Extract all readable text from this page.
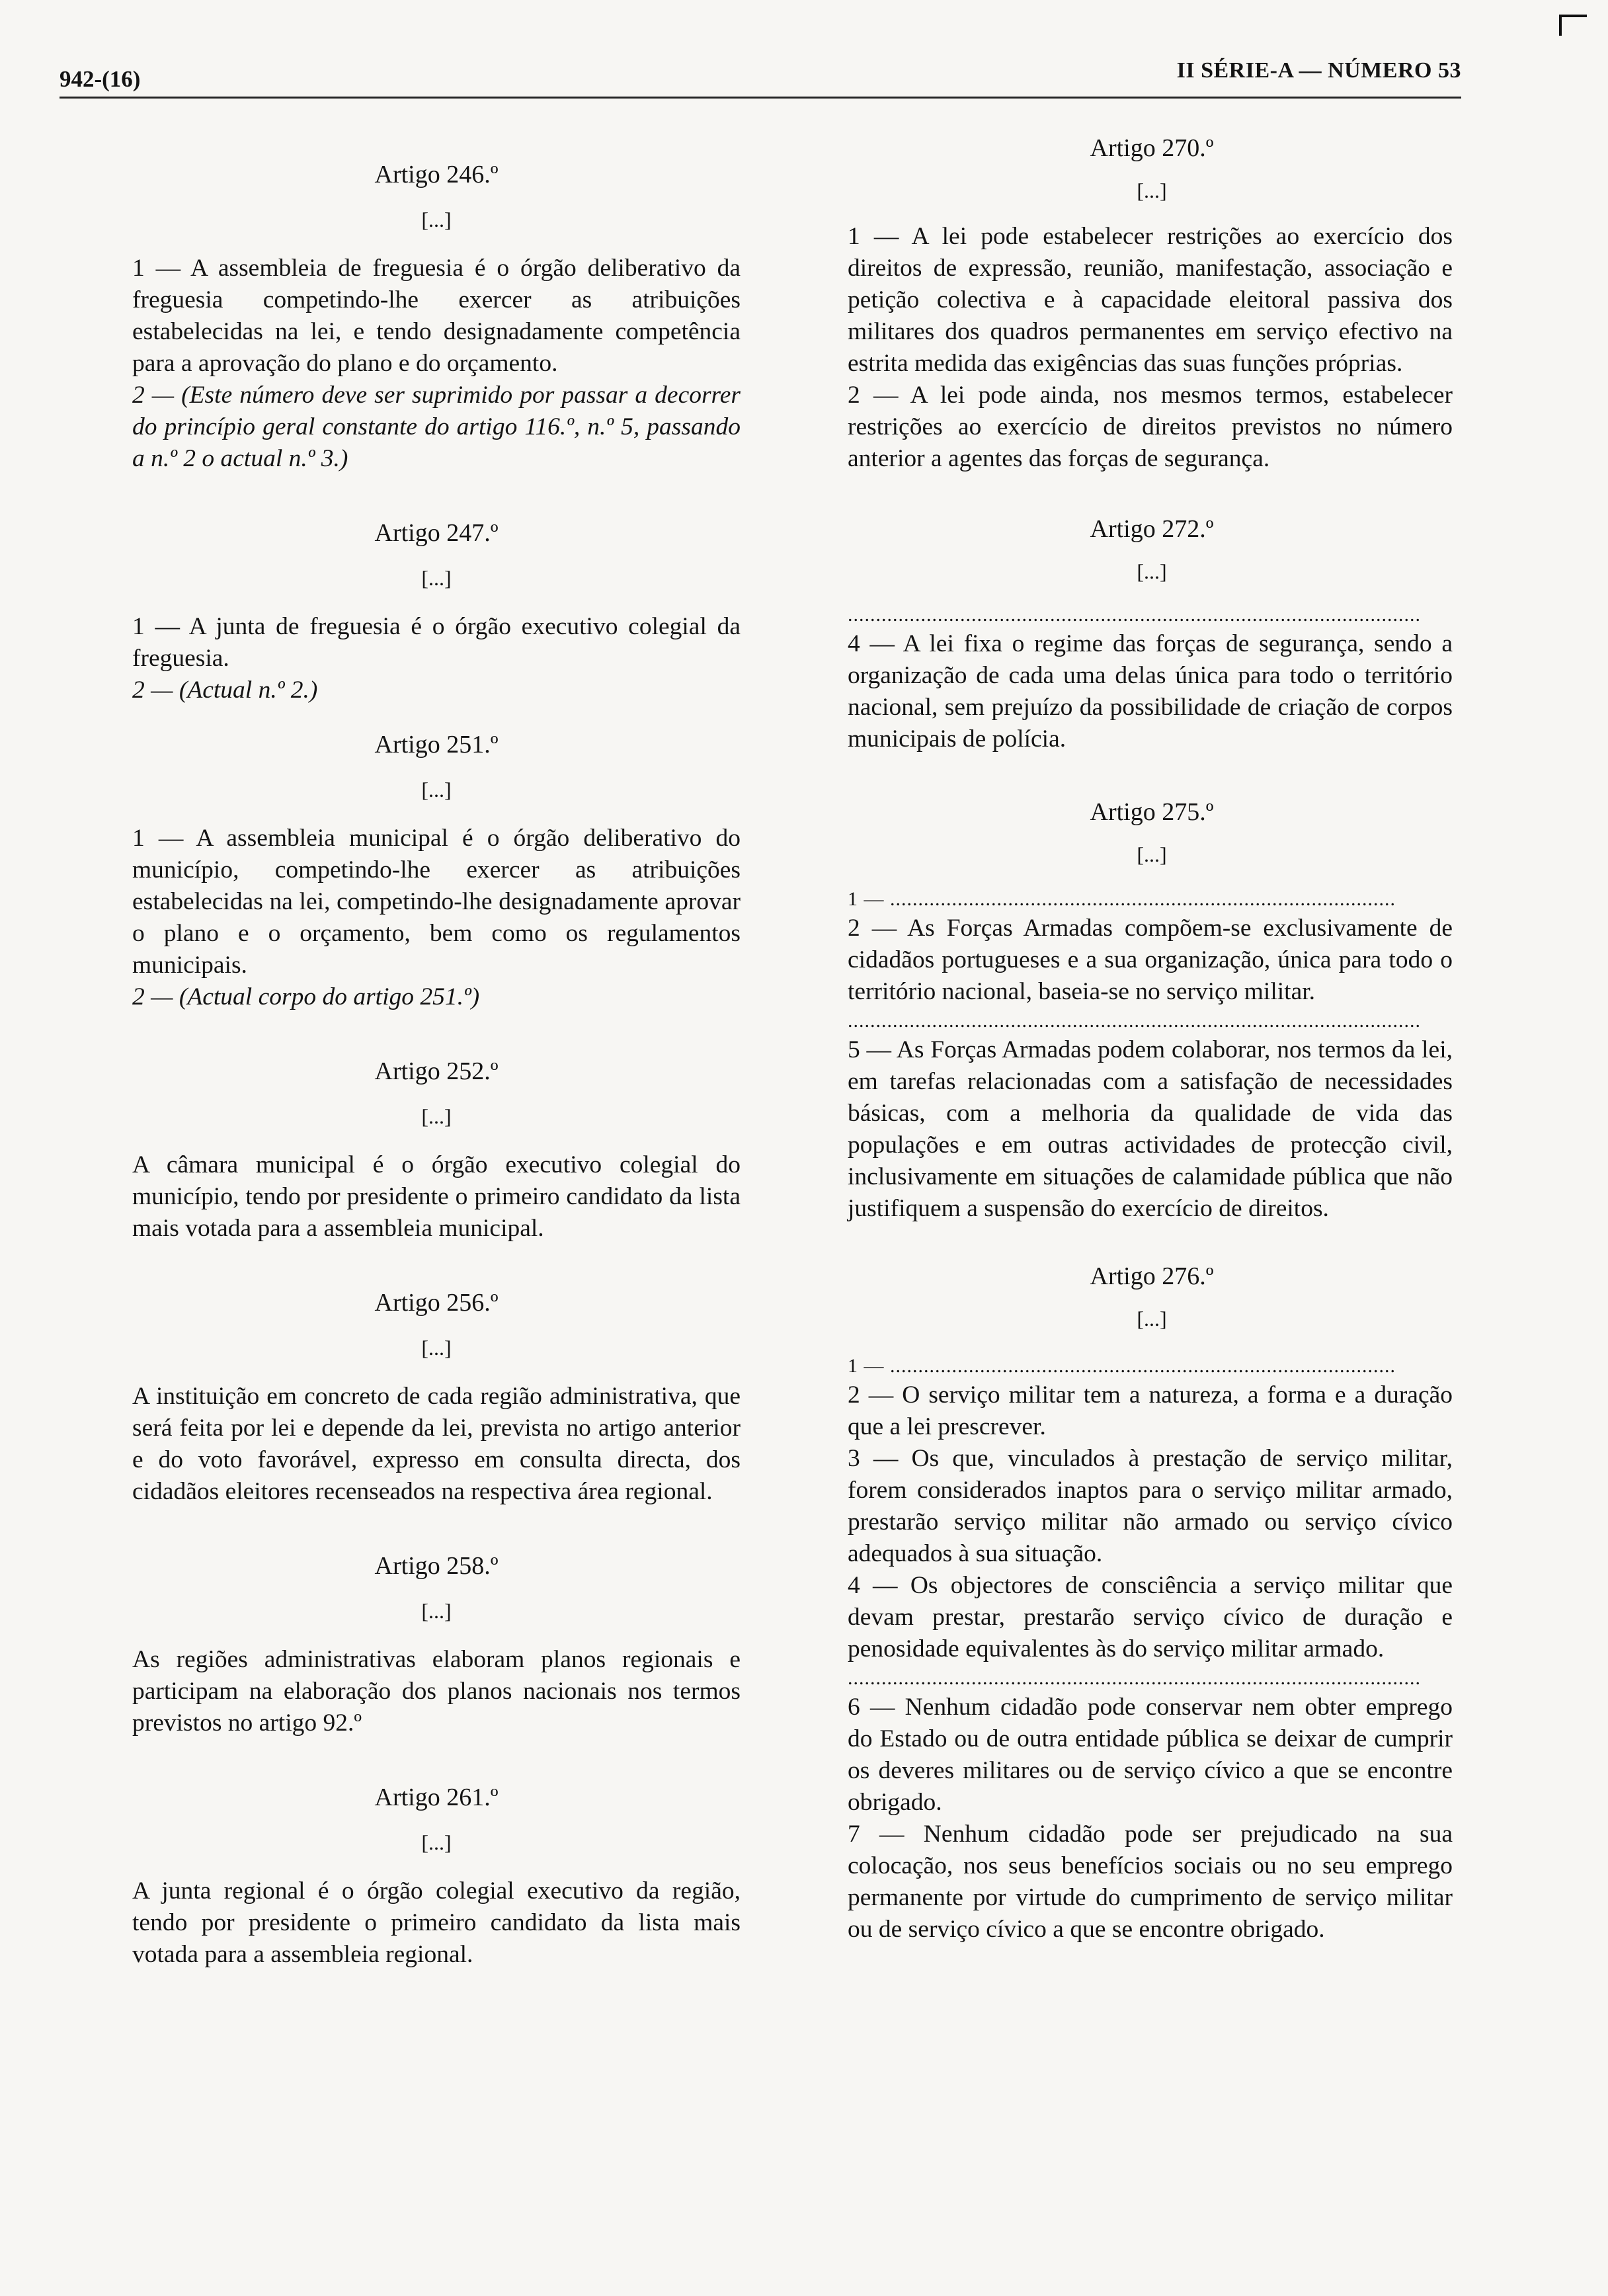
942-(16)	II SÉRIE-A — NÚMERO 53
Artigo 246.º
[...]
1 — A assembleia de freguesia é o órgão deliberativo da freguesia competindo-lhe exercer as atribuições estabelecidas na lei, e tendo designadamente competência para a aprovação do plano e do orçamento.
2 — (Este número deve ser suprimido por passar a decorrer do princípio geral constante do artigo 116.º, n.º 5, passando a n.º 2 o actual n.º 3.)
Artigo 247.º
[...]
1 — A junta de freguesia é o órgão executivo colegial da freguesia.
2 — (Actual n.º 2.)
Artigo 251.º
[...]
1 — A assembleia municipal é o órgão deliberativo do município, competindo-lhe exercer as atribuições estabelecidas na lei, competindo-lhe designadamente aprovar o plano e o orçamento, bem como os regulamentos municipais.
2 — (Actual corpo do artigo 251.º)
Artigo 252.º
[...]
A câmara municipal é o órgão executivo colegial do município, tendo por presidente o primeiro candidato da lista mais votada para a assembleia municipal.
Artigo 256.º
[...]
A instituição em concreto de cada região administrativa, que será feita por lei e depende da lei, prevista no artigo anterior e do voto favorável, expresso em consulta directa, dos cidadãos eleitores recenseados na respectiva área regional.
Artigo 258.º
[...]
As regiões administrativas elaboram planos regionais e participam na elaboração dos planos nacionais nos termos previstos no artigo 92.º
Artigo 261.º
[...]
A junta regional é o órgão colegial executivo da região, tendo por presidente o primeiro candidato da lista mais votada para a assembleia regional.
Artigo 270.º
[...]
1 — A lei pode estabelecer restrições ao exercício dos direitos de expressão, reunião, manifestação, associação e petição colectiva e à capacidade eleitoral passiva dos militares dos quadros permanentes em serviço efectivo na estrita medida das exigências das suas funções próprias.
2 — A lei pode ainda, nos mesmos termos, estabelecer restrições ao exercício de direitos previstos no número anterior a agentes das forças de segurança.
Artigo 272.º
[...]
......................................................................................................
4 — A lei fixa o regime das forças de segurança, sendo a organização de cada uma delas única para todo o território nacional, sem prejuízo da possibilidade de criação de corpos municipais de polícia.
Artigo 275.º
[...]
1 — ..........................................................................................
2 — As Forças Armadas compõem-se exclusivamente de cidadãos portugueses e a sua organização, única para todo o território nacional, baseia-se no serviço militar.
......................................................................................................
5 — As Forças Armadas podem colaborar, nos termos da lei, em tarefas relacionadas com a satisfação de necessidades básicas, com a melhoria da qualidade de vida das populações e em outras actividades de protecção civil, inclusivamente em situações de calamidade pública que não justifiquem a suspensão do exercício de direitos.
Artigo 276.º
[...]
1 — ..........................................................................................
2 — O serviço militar tem a natureza, a forma e a duração que a lei prescrever.
3 — Os que, vinculados à prestação de serviço militar, forem considerados inaptos para o serviço militar armado, prestarão serviço militar não armado ou serviço cívico adequados à sua situação.
4 — Os objectores de consciência a serviço militar que devam prestar, prestarão serviço cívico de duração e penosidade equivalentes às do serviço militar armado.
......................................................................................................
6 — Nenhum cidadão pode conservar nem obter emprego do Estado ou de outra entidade pública se deixar de cumprir os deveres militares ou de serviço cívico a que se encontre obrigado.
7 — Nenhum cidadão pode ser prejudicado na sua colocação, nos seus benefícios sociais ou no seu emprego permanente por virtude do cumprimento de serviço militar ou de serviço cívico a que se encontre obrigado.
